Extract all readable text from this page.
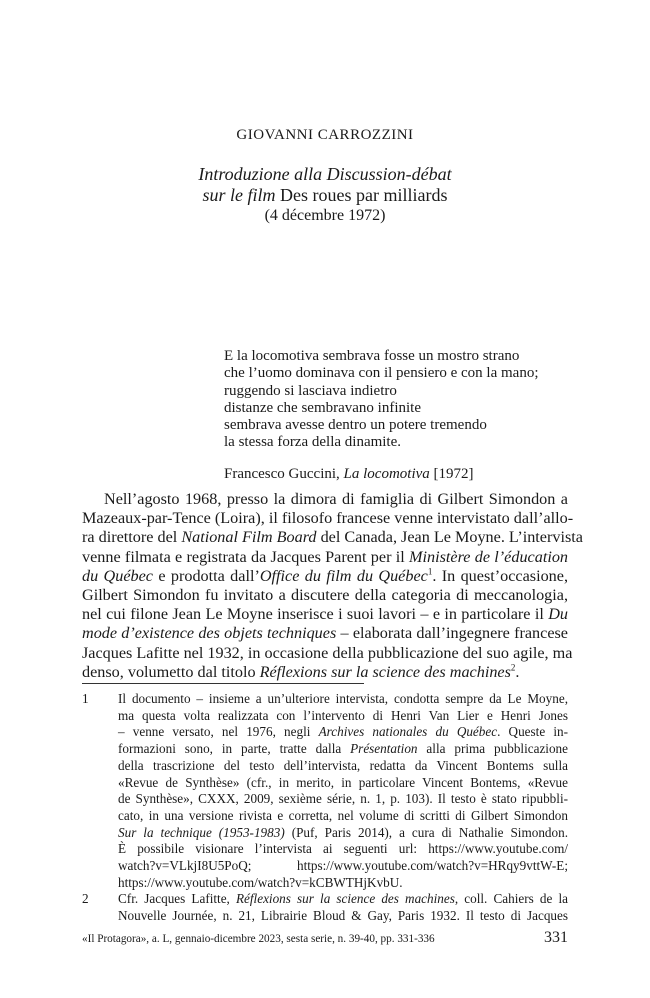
GIOVANNI CARROZZINI
Introduzione alla Discussion-débat
sur le film Des roues par milliards
(4 décembre 1972)
E la locomotiva sembrava fosse un mostro strano
che l’uomo dominava con il pensiero e con la mano;
ruggendo si lasciava indietro
distanze che sembravano infinite
sembrava avesse dentro un potere tremendo
la stessa forza della dinamite.
Francesco Guccini, La locomotiva [1972]
Nell’agosto 1968, presso la dimora di famiglia di Gilbert Simondon a
Mazeaux-par-Tence (Loira), il filosofo francese venne intervistato dall’allo-
ra direttore del National Film Board del Canada, Jean Le Moyne. L’intervista
venne filmata e registrata da Jacques Parent per il Ministère de l’éducation
du Québec e prodotta dall’Office du film du Québec$^1$. In quest’occasione,
Gilbert Simondon fu invitato a discutere della categoria di meccanologia,
nel cui filone Jean Le Moyne inserisce i suoi lavori – e in particolare il Du
mode d’existence des objets techniques – elaborata dall’ingegnere francese
Jacques Lafitte nel 1932, in occasione della pubblicazione del suo agile, ma
denso, volumetto dal titolo Réflexions sur la science des machines$^2$.
1	Il documento – insieme a un’ulteriore intervista, condotta sempre da Le Moyne,
ma questa volta realizzata con l’intervento di Henri Van Lier e Henri Jones
– venne versato, nel 1976, negli Archives nationales du Québec. Queste in-
formazioni sono, in parte, tratte dalla Présentation alla prima pubblicazione
della trascrizione del testo dell’intervista, redatta da Vincent Bontems sulla
«Revue de Synthèse» (cfr., in merito, in particolare Vincent Bontems, «Revue
de Synthèse», CXXX, 2009, sexième série, n. 1, p. 103). Il testo è stato ripubbli-
cato, in una versione rivista e corretta, nel volume di scritti di Gilbert Simondon
Sur la technique (1953-1983) (Puf, Paris 2014), a cura di Nathalie Simondon.
È possibile visionare l’intervista ai seguenti url: https://www.youtube.com/
watch?v=VLkjI8U5PoQ; https://www.youtube.com/watch?v=HRqy9vttW-E;
https://www.youtube.com/watch?v=kCBWTHjKvbU.
2	Cfr. Jacques Lafitte, Réflexions sur la science des machines, coll. Cahiers de la
Nouvelle Journée, n. 21, Librairie Bloud & Gay, Paris 1932. Il testo di Jacques
«Il Protagora», a. L, gennaio-dicembre 2023, sesta serie, n. 39-40, pp. 331-336	331
